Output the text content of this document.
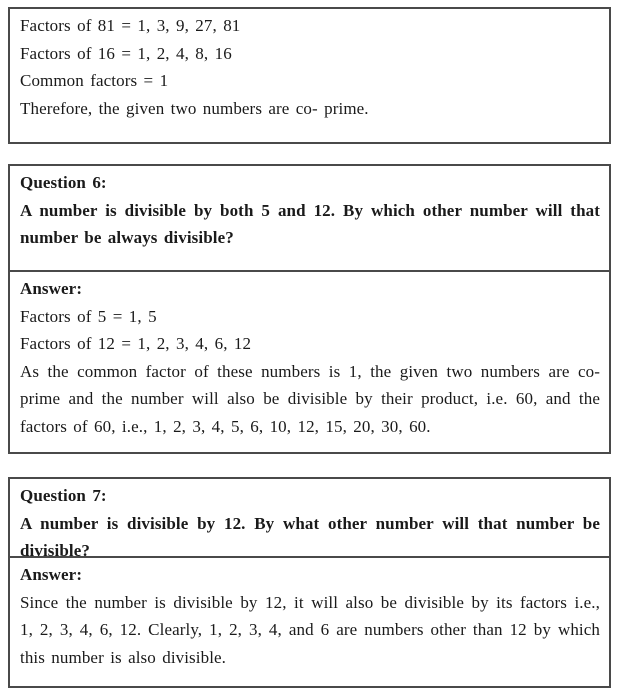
Factors of 81 = 1, 3, 9, 27, 81

Factors of 16 = 1, 2, 4, 8, 16

Common factors = 1

Therefore, the given two numbers are co- prime.

Question 6:

A number is divisible by both 5 and 12. By which other number will that number be always divisible?

Answer:

Factors of 5 = 1, 5

Factors of 12 = 1, 2, 3, 4, 6, 12

As the common factor of these numbers is 1, the given two numbers are co- prime and the number will also be divisible by their product, i.e. 60, and the factors of 60, i.e., 1, 2, 3, 4, 5, 6, 10, 12, 15, 20, 30, 60.

Question 7:

A number is divisible by 12. By what other number will that number be divisible?

Answer:

Since the number is divisible by 12, it will also be divisible by its factors i.e., 1, 2, 3, 4, 6, 12. Clearly, 1, 2, 3, 4, and 6 are numbers other than 12 by which this number is also divisible.
